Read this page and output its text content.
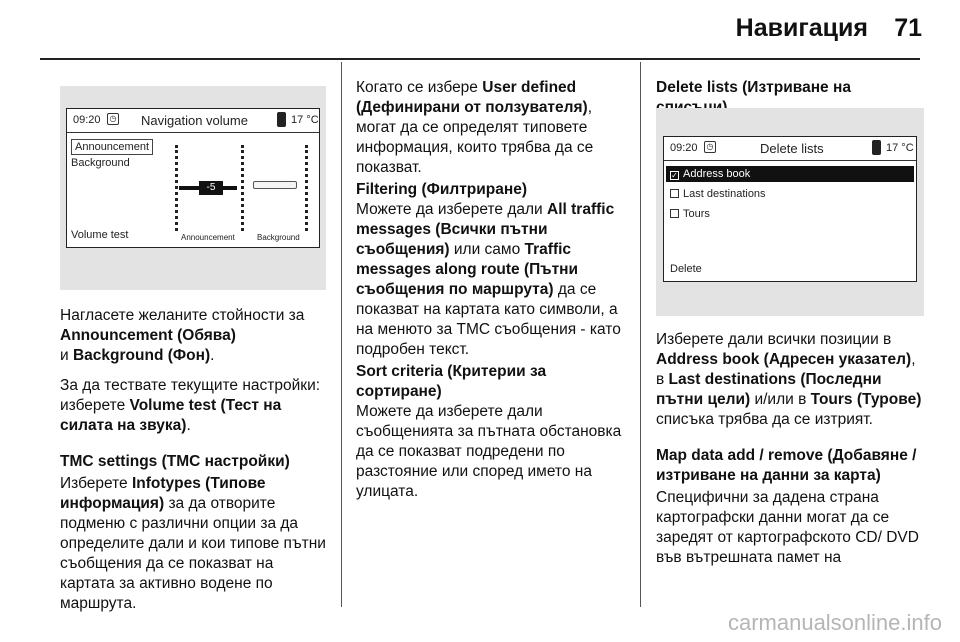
Навигация 71
09:20	◷ Navigation volume	17 °C
Announcement
Background
Volume test
-5
Announcement	Background

Нагласете желаните стойности за Announcement (Обява)
и Background (Фон).

За да тествате текущите настройки: изберете Volume test (Тест на силата на звука).

TMC settings (TMC настройки)

Изберете Infotypes (Типове информация) за да отворите подменю с различни опции за да определите дали и кои типове пътни съобщения да се показват на картата за активно водене по маршрута.

Когато се избере User defined (Дефинирани от ползувателя), могат да се определят типовете информация, които трябва да се показват.

Filtering (Филтриране)

Можете да изберете дали All traffic messages (Всички пътни съобщения) или само Traffic messages along route (Пътни съобщения по маршрута) да се показват на картата като символи, а на менюто за TMC съобщения - като подробен текст.

Sort criteria (Критерии за сортиране)

Можете да изберете дали съобщенията за пътната обстановка да се показват подредени по разстояние или според името на улицата.

Delete lists (Изтриване на

09:20	◷	Delete lists	17 °C
✓ Address book
Last destinations
Tours
Delete

Изберете дали всички позиции в Address book (Адресен указател), в Last destinations (Последни пътни цели) и/или в Tours (Турове) списъка трябва да се изтрият.

Map data add / remove (Добавяне / изтриване на данни за карта)

Специфични за дадена страна картографски данни могат да се заредят от картографското CD/ DVD във вътрешната памет на

carmanualsonline.info
